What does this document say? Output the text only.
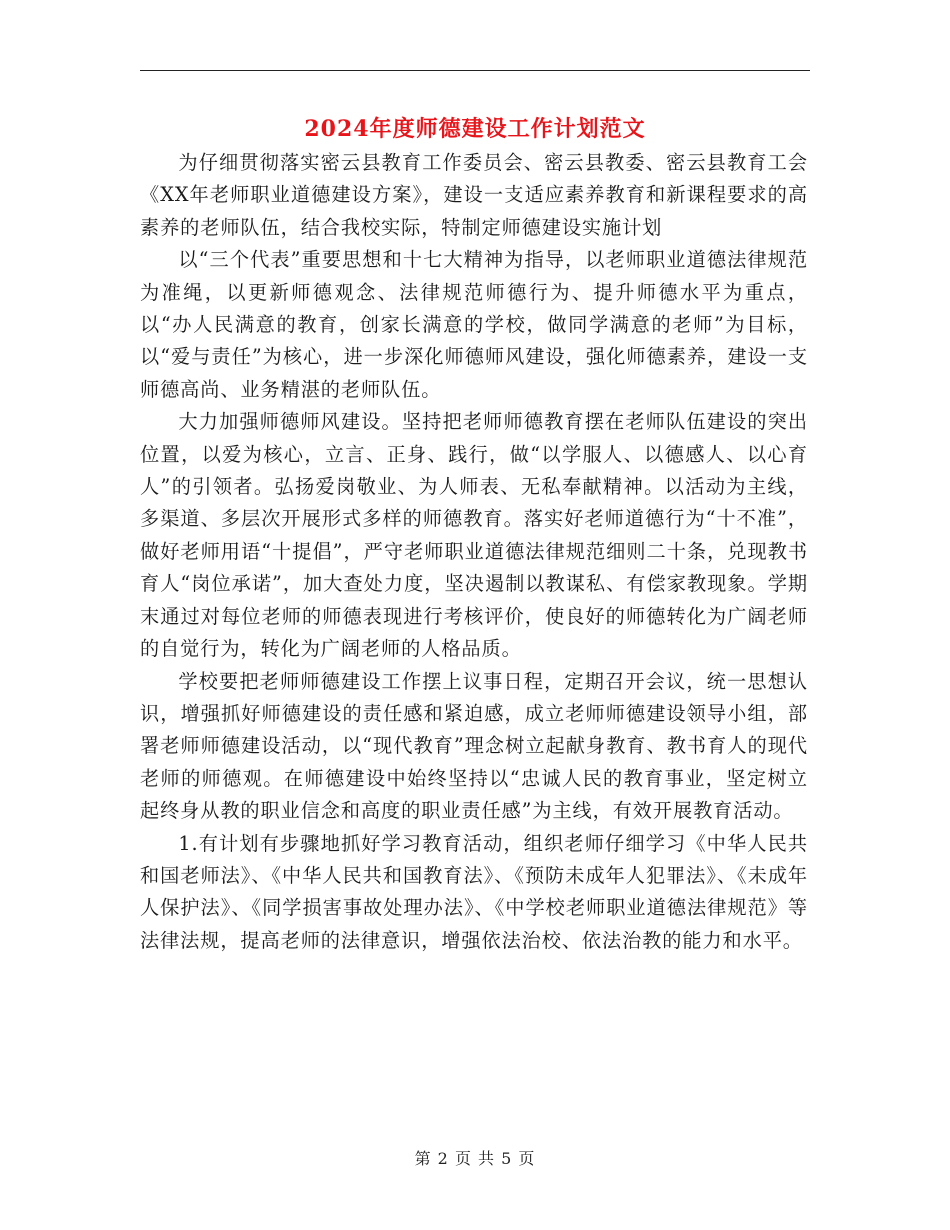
2024年度师德建设工作计划范文

为仔细贯彻落实密云县教育工作委员会、密云县教委、密云县教育工会《XX年老师职业道德建设方案》，建设一支适应素养教育和新课程要求的高素养的老师队伍，结合我校实际，特制定师德建设实施计划

以“三个代表”重要思想和十七大精神为指导，以老师职业道德法律规范为准绳，以更新师德观念、法律规范师德行为、提升师德水平为重点，以“办人民满意的教育，创家长满意的学校，做同学满意的老师”为目标，以“爱与责任”为核心，进一步深化师德师风建设，强化师德素养，建设一支师德高尚、业务精湛的老师队伍。

大力加强师德师风建设。坚持把老师师德教育摆在老师队伍建设的突出位置，以爱为核心，立言、正身、践行，做“以学服人、以德感人、以心育人”的引领者。弘扬爱岗敬业、为人师表、无私奉献精神。以活动为主线，多渠道、多层次开展形式多样的师德教育。落实好老师道德行为“十不准”，做好老师用语“十提倡”，严守老师职业道德法律规范细则二十条，兑现教书育人“岗位承诺”，加大查处力度，坚决遏制以教谋私、有偿家教现象。学期末通过对每位老师的师德表现进行考核评价，使良好的师德转化为广阔老师的自觉行为，转化为广阔老师的人格品质。

学校要把老师师德建设工作摆上议事日程，定期召开会议，统一思想认识，增强抓好师德建设的责任感和紧迫感，成立老师师德建设领导小组，部署老师师德建设活动，以“现代教育”理念树立起献身教育、教书育人的现代老师的师德观。在师德建设中始终坚持以“忠诚人民的教育事业，坚定树立起终身从教的职业信念和高度的职业责任感”为主线，有效开展教育活动。

1.有计划有步骤地抓好学习教育活动，组织老师仔细学习《中华人民共和国老师法》、《中华人民共和国教育法》、《预防未成年人犯罪法》、《未成年人保护法》、《同学损害事故处理办法》、《中学校老师职业道德法律规范》等法律法规，提高老师的法律意识，增强依法治校、依法治教的能力和水平。

第 2 页 共 5 页
